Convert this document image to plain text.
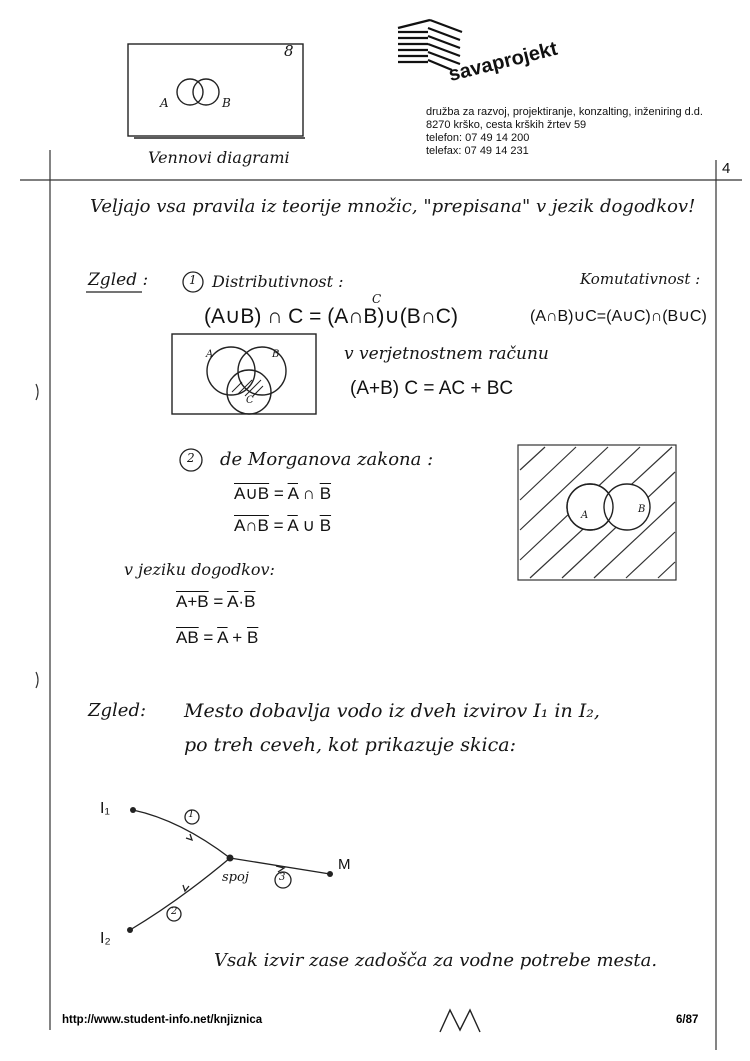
A	B
8
Vennovi diagrami
4
savaprojekt
družba za razvoj, projektiranje, konzalting, inženiring d.d.
8270 krško, cesta krških žrtev 59
telefon: 07 49 14 200
telefax: 07 49 14 231
Veljajo vsa pravila iz teorije množic, "prepisana" v jezik dogodkov!
Zgled :	1 Distributivnost :
C
(A∪B) ∩ C = (A∩B)∪(B∩C)
Komutativnost :
(A∩B)∪C=(A∪C)∩(B∪C)
A	B
C
v verjetnostnem računu
(A+B) C = AC + BC
2 de Morganova zakona :
A∪B = $\overline{A}$ ∩ $\overline{B}$
A∩B = $\overline{A}$ ∪ $\overline{B}$
A
B
v jeziku dogodkov:
$A+B = \overline{A}\cdot\overline{B}$
$\overline{AB} = \overline{A} + \overline{B}$
Zgled: Mesto dobavlja vodo iz dveh izvirov I₁ in I₂,
po treh ceveh, kot prikazuje skica:
I₁
I₂
M
spoj
1
2
3
Vsak izvir zase zadošča za vodne potrebe mesta.
http://www.student-info.net/knjiznica	6/87
